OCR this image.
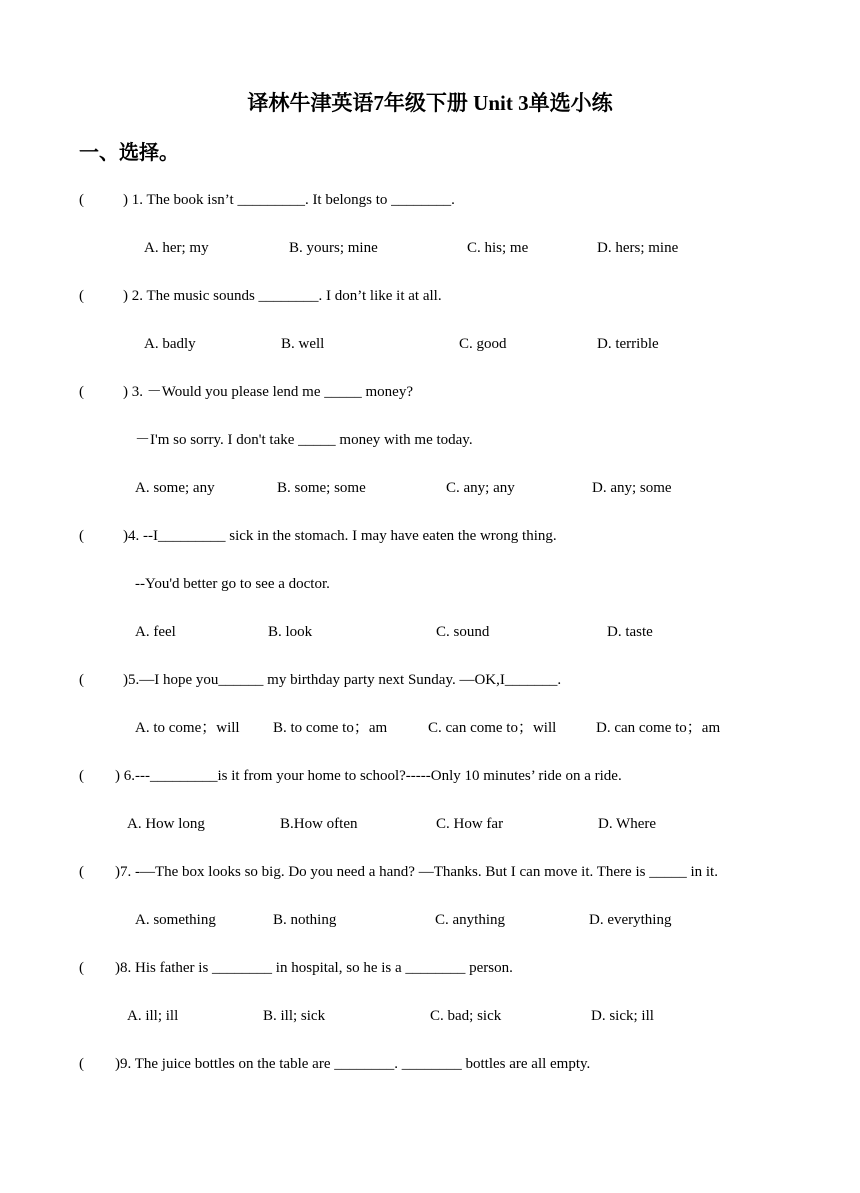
译林牛津英语7年级下册 Unit 3单选小练
一、选择。
(	) 1. The book isn’t _________. It belongs to ________.
A. her; my	B. yours; mine	C. his; me	D. hers; mine
(	) 2. The music sounds ________. I don’t like it at all.
A. badly	B. well	C. good	D. terrible
(	) 3. －Would you please lend me _____ money?
－I'm so sorry. I don't take _____ money with me today.
A. some; any	B. some; some	C. any; any	D. any; some
(	)4. --I_________ sick in the stomach. I may have eaten the wrong thing.
--You'd better go to see a doctor.
A. feel	B. look	C. sound	D. taste
(	)5.—I hope you______ my birthday party next Sunday. —OK,I_______.
A. to come；will B. to come to；am	C. can come to；will	D. can come to；am
( ) 6.---_________is it from your home to school?-----Only 10 minutes’ ride on a ride.
A. How long	B.How often	C. How far	D. Where
( )7. -—The box looks so big. Do you need a hand? —Thanks. But I can move it. There is _____ in it.
A. something	B. nothing	C. anything	D. everything
( )8. His father is ________ in hospital, so he is a ________ person.
A. ill; ill	B. ill; sick	C. bad; sick	D. sick; ill
( )9. The juice bottles on the table are ________. ________ bottles are all empty.
